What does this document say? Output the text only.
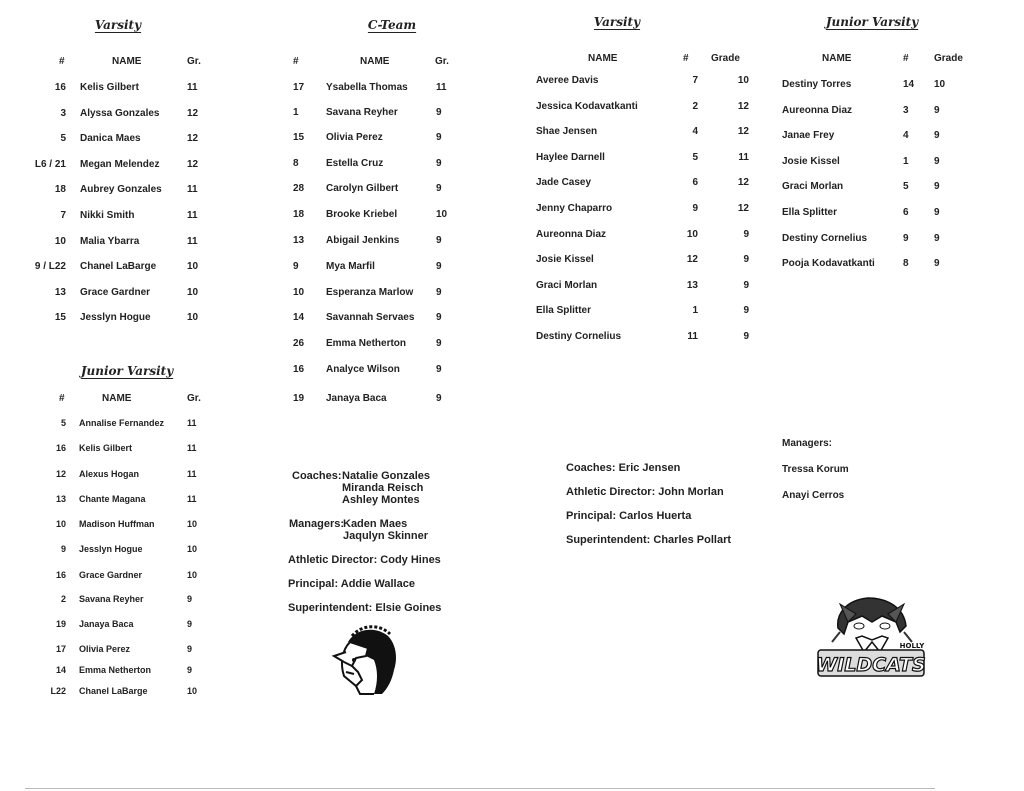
Varsity
#	NAME	Gr.
16 Kelis Gilbert	11
3 Alyssa Gonzales	12
5 Danica Maes	12
L6 / 21 Megan Melendez	12
18 Aubrey Gonzales	11
7 Nikki Smith	11
10 Malia Ybarra	11
9 / L22 Chanel LaBarge	10
13 Grace Gardner	10
15 Jesslyn Hogue	10
Junior Varsity
#	NAME	Gr.
5 Annalise Fernandez	11
16 Kelis Gilbert	11
12 Alexus Hogan	11
13 Chante Magana	11
10 Madison Huffman	10
9 Jesslyn Hogue	10
16 Grace Gardner	10
2 Savana Reyher	9
19 Janaya Baca	9
17 Olivia Perez	9
14 Emma Netherton	9
L22 Chanel LaBarge	10
C-Team
#	NAME	Gr.
17 Ysabella Thomas	11
1	Savana Reyher	9
15 Olivia Perez	9
8	Estella Cruz	9
28 Carolyn Gilbert	9
18 Brooke Kriebel	10
13 Abigail Jenkins	9
9	Mya Marfil	9
10 Esperanza Marlow 9
14 Savannah Servaes 9
26 Emma Netherton	9
16 Analyce Wilson	9
19 Janaya Baca	9
Coaches: Natalie Gonzales
Miranda Reisch
Ashley Montes
Managers:
Kaden Maes
Jaqulyn Skinner
Athletic Director: Cody Hines
Principal: Addie Wallace
Superintendent: Elsie Goines
Varsity
NAME	# Grade
Averee Davis	7	10
Jessica Kodavatkanti	2	12
Shae Jensen	4	12
Haylee Darnell	5	11
Jade Casey	6	12
Jenny Chaparro	9	12
Aureonna Diaz	10	9
Josie Kissel	12	9
Graci Morlan	13	9
Ella Splitter	1	9
Destiny Cornelius	11	9
Coaches: Eric Jensen
Athletic Director: John Morlan
Principal: Carlos Huerta
Superintendent: Charles Pollart
Junior Varsity
NAME	#	Grade
Destiny Torres	14 10
Aureonna Diaz	3	9
Janae Frey	4	9
Josie Kissel	1	9
Graci Morlan	5	9
Ella Splitter	6	9
Destiny Cornelius	9	9
Pooja Kodavatkanti	8	9
Managers:
Tressa Korum
Anayi Cerros
WILDCATS
HOLLY
